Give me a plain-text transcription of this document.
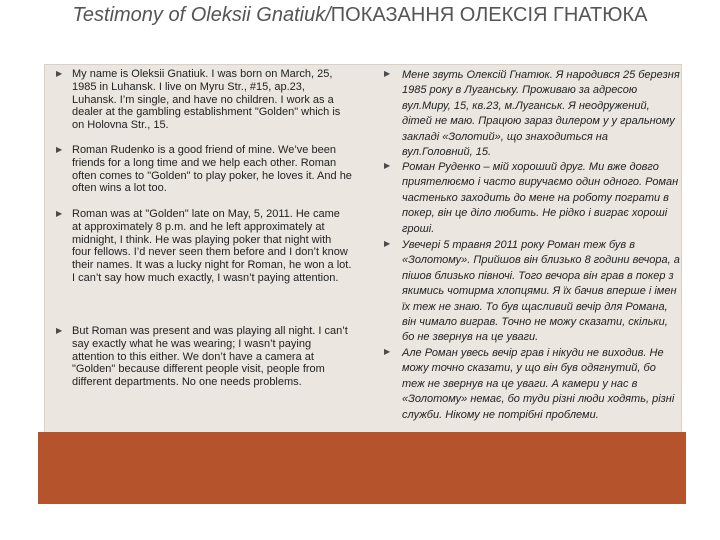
Testimony of Oleksii Gnatiuk/ПОКАЗАННЯ ОЛЕКСІЯ ГНАТЮКА
▶ My name is Oleksii Gnatiuk. I was born on March, 25, 1985 in Luhansk. I live on Myru Str., #15, ap.23, Luhansk. I’m single, and have no children. I work as a dealer at the gambling establishment "Golden" which is on Holovna Str., 15.
▶ Roman Rudenko is a good friend of mine. We’ve been friends for a long time and we help each other. Roman often comes to "Golden" to play poker, he loves it. And he often wins a lot too.
▶ Roman was at "Golden" late on May, 5, 2011. He came at approximately 8 p.m. and he left approximately at midnight, I think. He was playing poker that night with four fellows. I’d never seen them before and I don’t know their names. It was a lucky night for Roman, he won a lot. I can’t say how much exactly, I wasn’t paying attention.
▶ But Roman was present and was playing all night. I can’t say exactly what he was wearing; I wasn’t paying attention to this either. We don’t have a camera at "Golden" because different people visit, people from different departments. No one needs problems.
▶ Мене звуть Олексій Гнатюк. Я народився 25 березня 1985 року в Луганську. Проживаю за адресою вул.Миру, 15, кв.23, м.Луганськ. Я неодружений, дітей не маю. Працюю зараз дилером у у гральному закладі «Золотий», що знаходиться на вул.Головний, 15.
▶ Роман Руденко – мій хороший друг. Ми вже довго приятелюємо і часто виручаємо один одного. Роман частенько заходить до мене на роботу пограти в покер, він це діло любить. Не рідко і виграє хороші гроші.
▶ Увечері 5 травня 2011 року Роман теж був в «Золотому». Прийшов він близько 8 години вечора, а пішов близько півночі. Того вечора він грав в покер з якимись чотирма хлопцями. Я їх бачив вперше і імен їх теж не знаю. То був щасливий вечір для Романа, він чимало виграв. Точно не можу сказати, скільки, бо не звернув на це уваги.
▶ Але Роман увесь вечір грав і нікуди не виходив. Не можу точно сказати, у що він був одягнутий, бо теж не звернув на це уваги. А камери у нас в «Золотому» немає, бо туди різні люди ходять, різні служби. Нікому не потрібні проблеми.
